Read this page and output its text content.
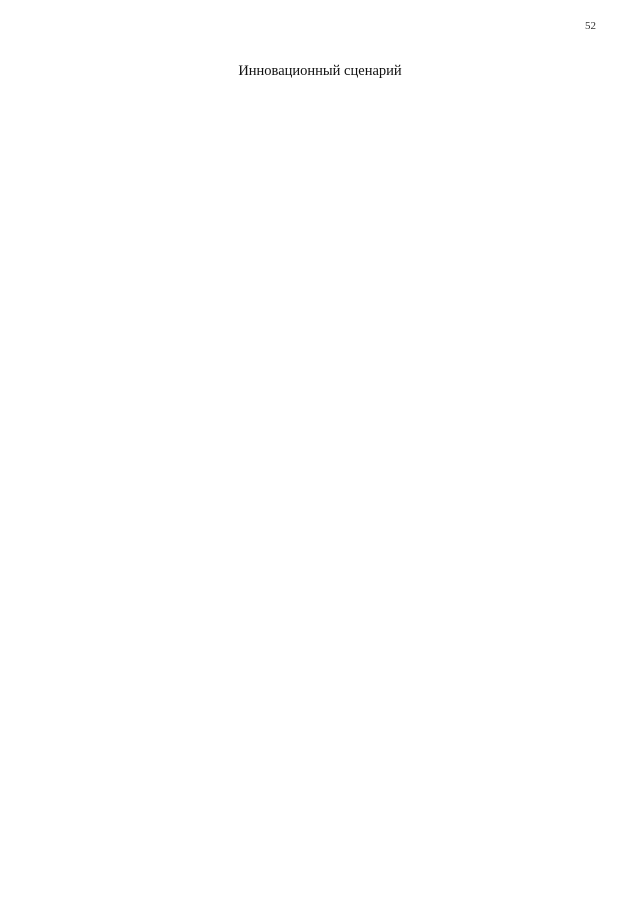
52
Инновационный сценарий
